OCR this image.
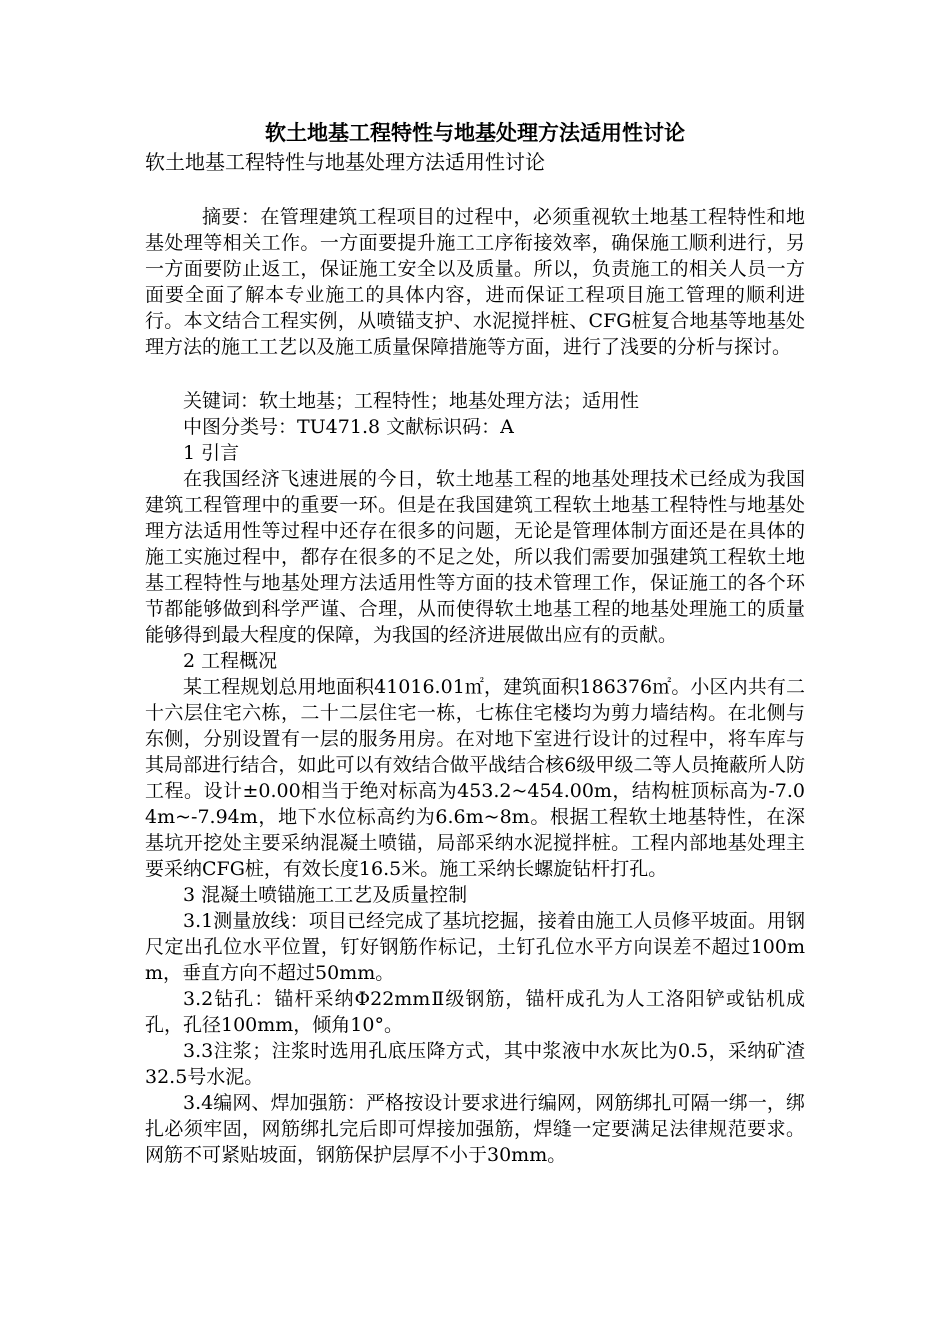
软土地基工程特性与地基处理方法适用性讨论

软土地基工程特性与地基处理方法适用性讨论

摘要：在管理建筑工程项目的过程中，必须重视软土地基工程特性和地基处理等相关工作。一方面要提升施工工序衔接效率，确保施工顺利进行，另一方面要防止返工，保证施工安全以及质量。所以，负责施工的相关人员一方面要全面了解本专业施工的具体内容，进而保证工程项目施工管理的顺利进行。本文结合工程实例，从喷锚支护、水泥搅拌桩、CFG桩复合地基等地基处理方法的施工工艺以及施工质量保障措施等方面，进行了浅要的分析与探讨。

关键词：软土地基；工程特性；地基处理方法；适用性

中图分类号：TU471.8 文献标识码：A

1 引言

在我国经济飞速进展的今日，软土地基工程的地基处理技术已经成为我国建筑工程管理中的重要一环。但是在我国建筑工程软土地基工程特性与地基处理方法适用性等过程中还存在很多的问题，无论是管理体制方面还是在具体的施工实施过程中，都存在很多的不足之处，所以我们需要加强建筑工程软土地基工程特性与地基处理方法适用性等方面的技术管理工作，保证施工的各个环节都能够做到科学严谨、合理，从而使得软土地基工程的地基处理施工的质量能够得到最大程度的保障，为我国的经济进展做出应有的贡献。

2 工程概况

某工程规划总用地面积41016.01㎡，建筑面积186376㎡。小区内共有二十六层住宅六栋，二十二层住宅一栋，七栋住宅楼均为剪力墙结构。在北侧与东侧，分别设置有一层的服务用房。在对地下室进行设计的过程中，将车库与其局部进行结合，如此可以有效结合做平战结合核6级甲级二等人员掩蔽所人防工程。设计±0.00相当于绝对标高为453.2~454.00m，结构桩顶标高为-7.04m~-7.94m，地下水位标高约为6.6m~8m。根据工程软土地基特性，在深基坑开挖处主要采纳混凝土喷锚，局部采纳水泥搅拌桩。工程内部地基处理主要采纳CFG桩，有效长度16.5米。施工采纳长螺旋钻杆打孔。

3 混凝土喷锚施工工艺及质量控制

3.1测量放线：项目已经完成了基坑挖掘，接着由施工人员修平坡面。用钢尺定出孔位水平位置，钉好钢筋作标记，土钉孔位水平方向误差不超过100mm，垂直方向不超过50mm。

3.2钻孔：锚杆采纳Φ22mmⅡ级钢筋，锚杆成孔为人工洛阳铲或钻机成孔，孔径100mm，倾角10°。

3.3注浆；注浆时选用孔底压降方式，其中浆液中水灰比为0.5，采纳矿渣32.5号水泥。

3.4编网、焊加强筋：严格按设计要求进行编网，网筋绑扎可隔一绑一，绑扎必须牢固，网筋绑扎完后即可焊接加强筋，焊缝一定要满足法律规范要求。网筋不可紧贴坡面，钢筋保护层厚不小于30mm。
